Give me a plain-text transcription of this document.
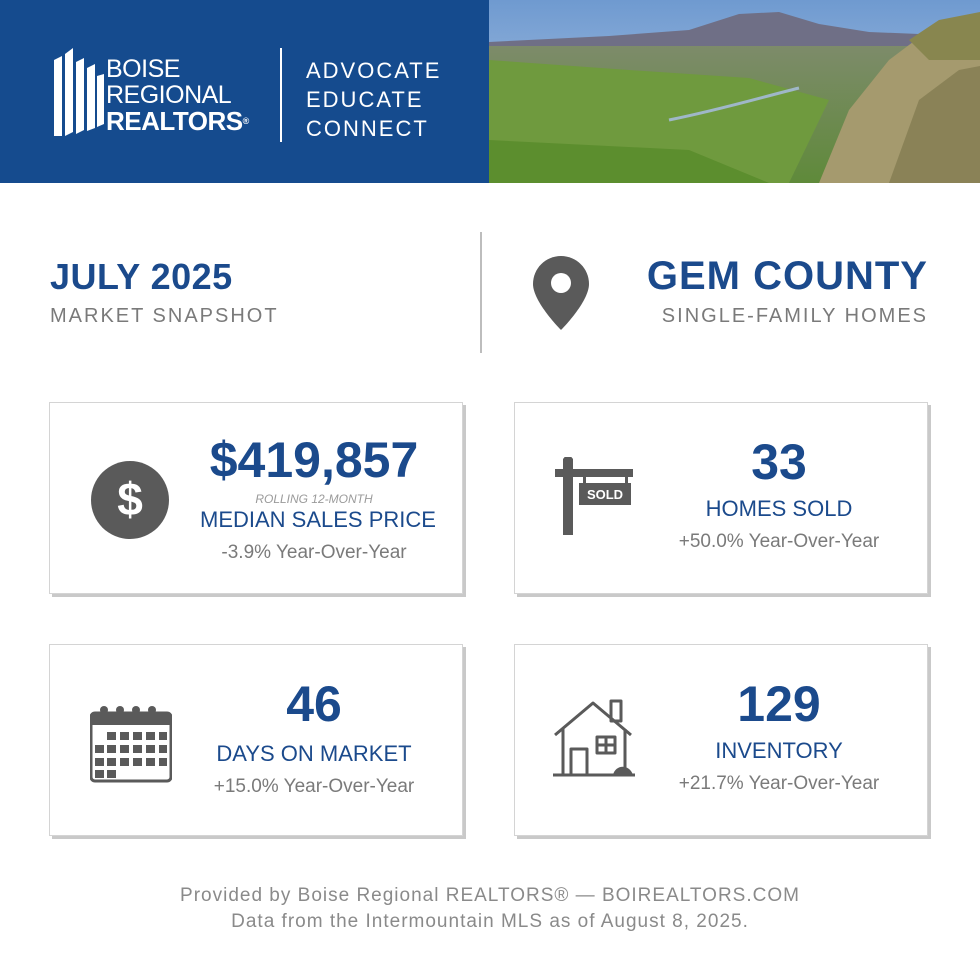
BOISE
REGIONAL
REALTORS®
ADVOCATE
EDUCATE
CONNECT
JULY 2025
MARKET SNAPSHOT
GEM COUNTY
SINGLE-FAMILY HOMES
$
$419,857
ROLLING 12-MONTH
MEDIAN SALES PRICE
-3.9% Year-Over-Year
SOLD
33
HOMES SOLD
+50.0% Year-Over-Year
46
DAYS ON MARKET
+15.0% Year-Over-Year
129
INVENTORY
+21.7% Year-Over-Year
Provided by Boise Regional REALTORS® — BOIREALTORS.COM
Data from the Intermountain MLS as of August 8, 2025.
